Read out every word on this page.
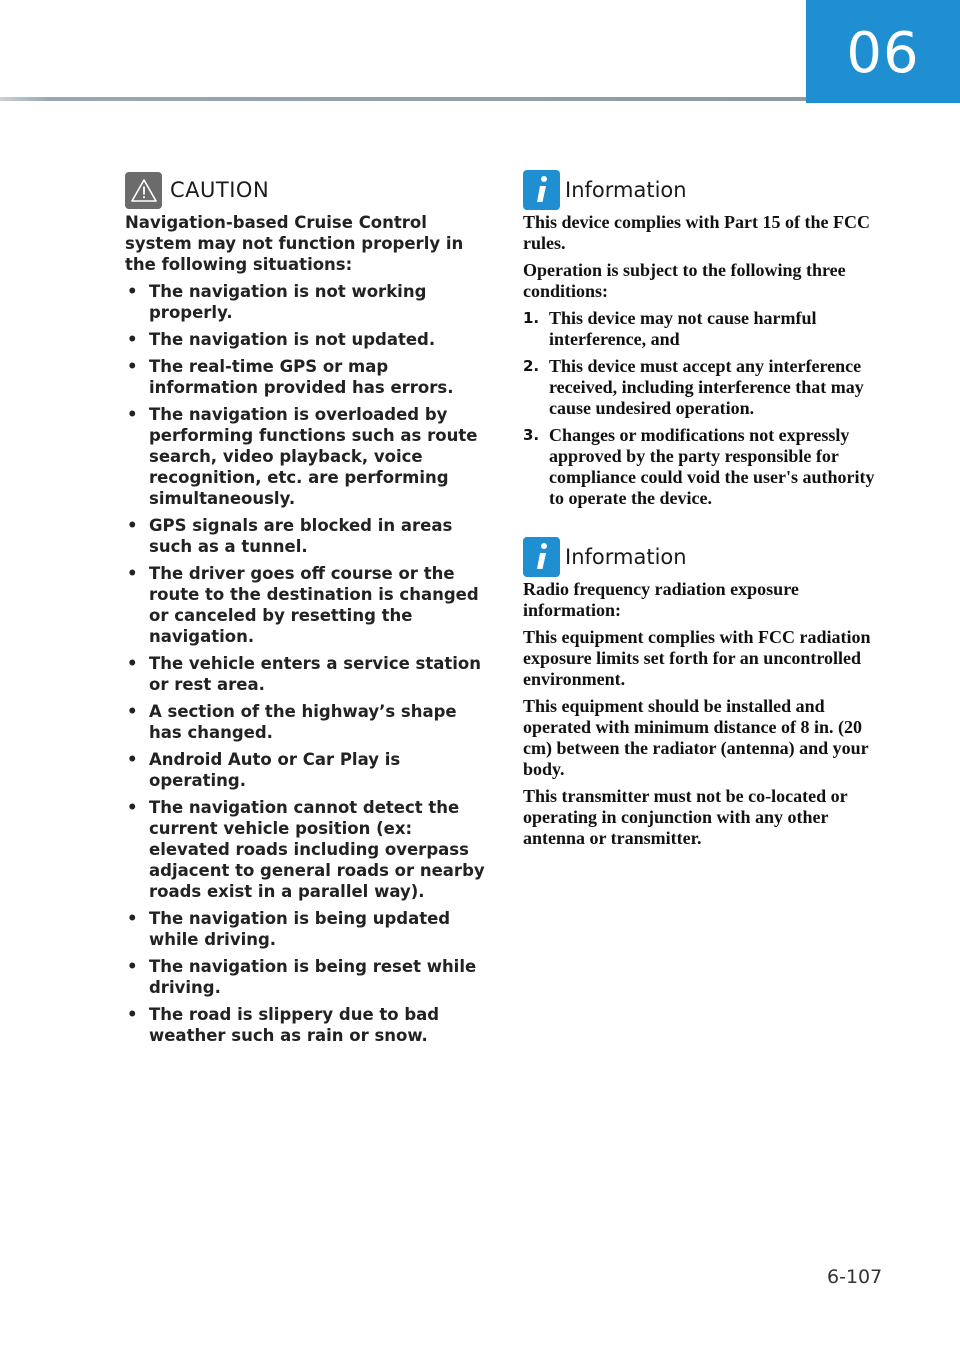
06
CAUTION

Navigation-based Cruise Control system may not function properly in the following situations:

• The navigation is not working properly.
• The navigation is not updated.
• The real-time GPS or map information provided has errors.
• The navigation is overloaded by performing functions such as route search, video playback, voice recognition, etc. are performing simultaneously.
• GPS signals are blocked in areas such as a tunnel.
• The driver goes off course or the route to the destination is changed or canceled by resetting the navigation.
• The vehicle enters a service station or rest area.
• A section of the highway’s shape has changed.
• Android Auto or Car Play is operating.
• The navigation cannot detect the current vehicle position (ex: elevated roads including overpass adjacent to general roads or nearby roads exist in a parallel way).
• The navigation is being updated while driving.
• The navigation is being reset while driving.
• The road is slippery due to bad weather such as rain or snow.
Information

This device complies with Part 15 of the FCC rules.

Operation is subject to the following three conditions:

1. This device may not cause harmful interference, and
2. This device must accept any interference received, including interference that may cause undesired operation.
3. Changes or modifications not expressly approved by the party responsible for compliance could void the user's authority to operate the device.
Information

Radio frequency radiation exposure information:

This equipment complies with FCC radiation exposure limits set forth for an uncontrolled environment.

This equipment should be installed and operated with minimum distance of 8 in. (20 cm) between the radiator (antenna) and your body.

This transmitter must not be co-located or operating in conjunction with any other antenna or transmitter.

6-107
